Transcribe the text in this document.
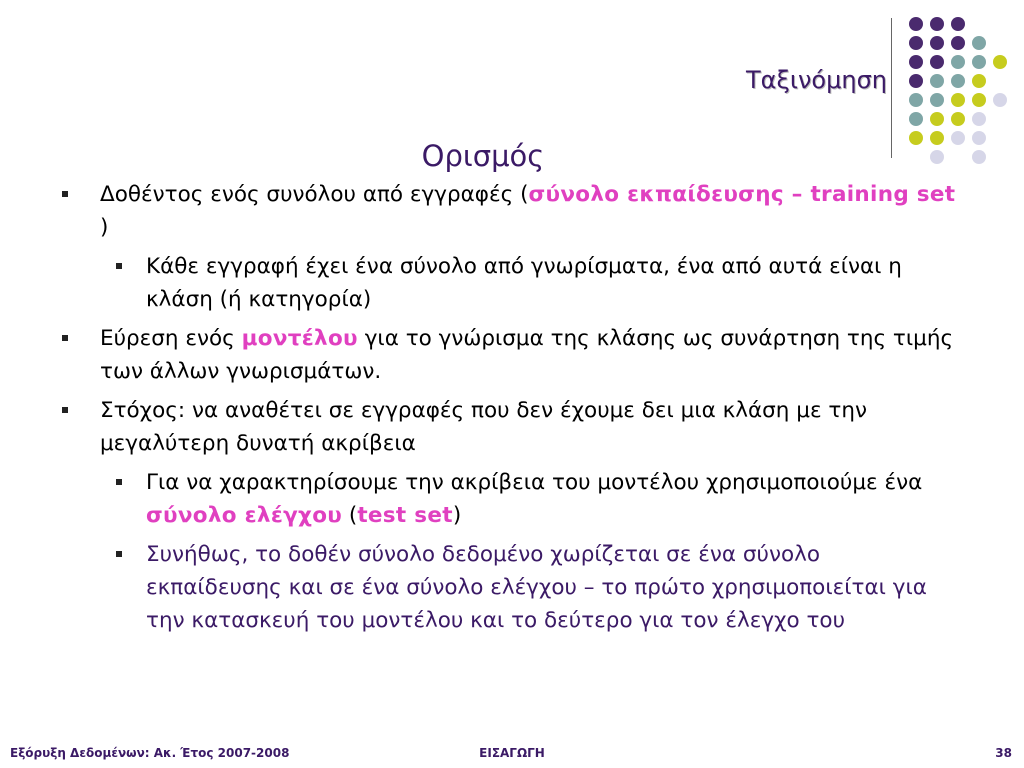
Ταξινόμηση
Ορισμός
Δοθέντος ενός συνόλου από εγγραφές (σύνολο εκπαίδευσης – training set )
Κάθε εγγραφή έχει ένα σύνολο από γνωρίσματα, ένα από αυτά είναι η κλάση (ή κατηγορία)
Εύρεση ενός μοντέλου για το γνώρισμα της κλάσης ως συνάρτηση της τιμής των άλλων γνωρισμάτων.
Στόχος: να αναθέτει σε εγγραφές που δεν έχουμε δει μια κλάση με την μεγαλύτερη δυνατή ακρίβεια
Για να χαρακτηρίσουμε την ακρίβεια του μοντέλου χρησιμοποιούμε ένα σύνολο ελέγχου (test set)
Συνήθως, το δοθέν σύνολο δεδομένο χωρίζεται σε ένα σύνολο εκπαίδευσης και σε ένα σύνολο ελέγχου – το πρώτο χρησιμοποιείται για την κατασκευή του μοντέλου και το δεύτερο για τον έλεγχο του
Εξόρυξη Δεδομένων: Ακ. Έτος 2007-2008	ΕΙΣΑΓΩΓΗ	38
